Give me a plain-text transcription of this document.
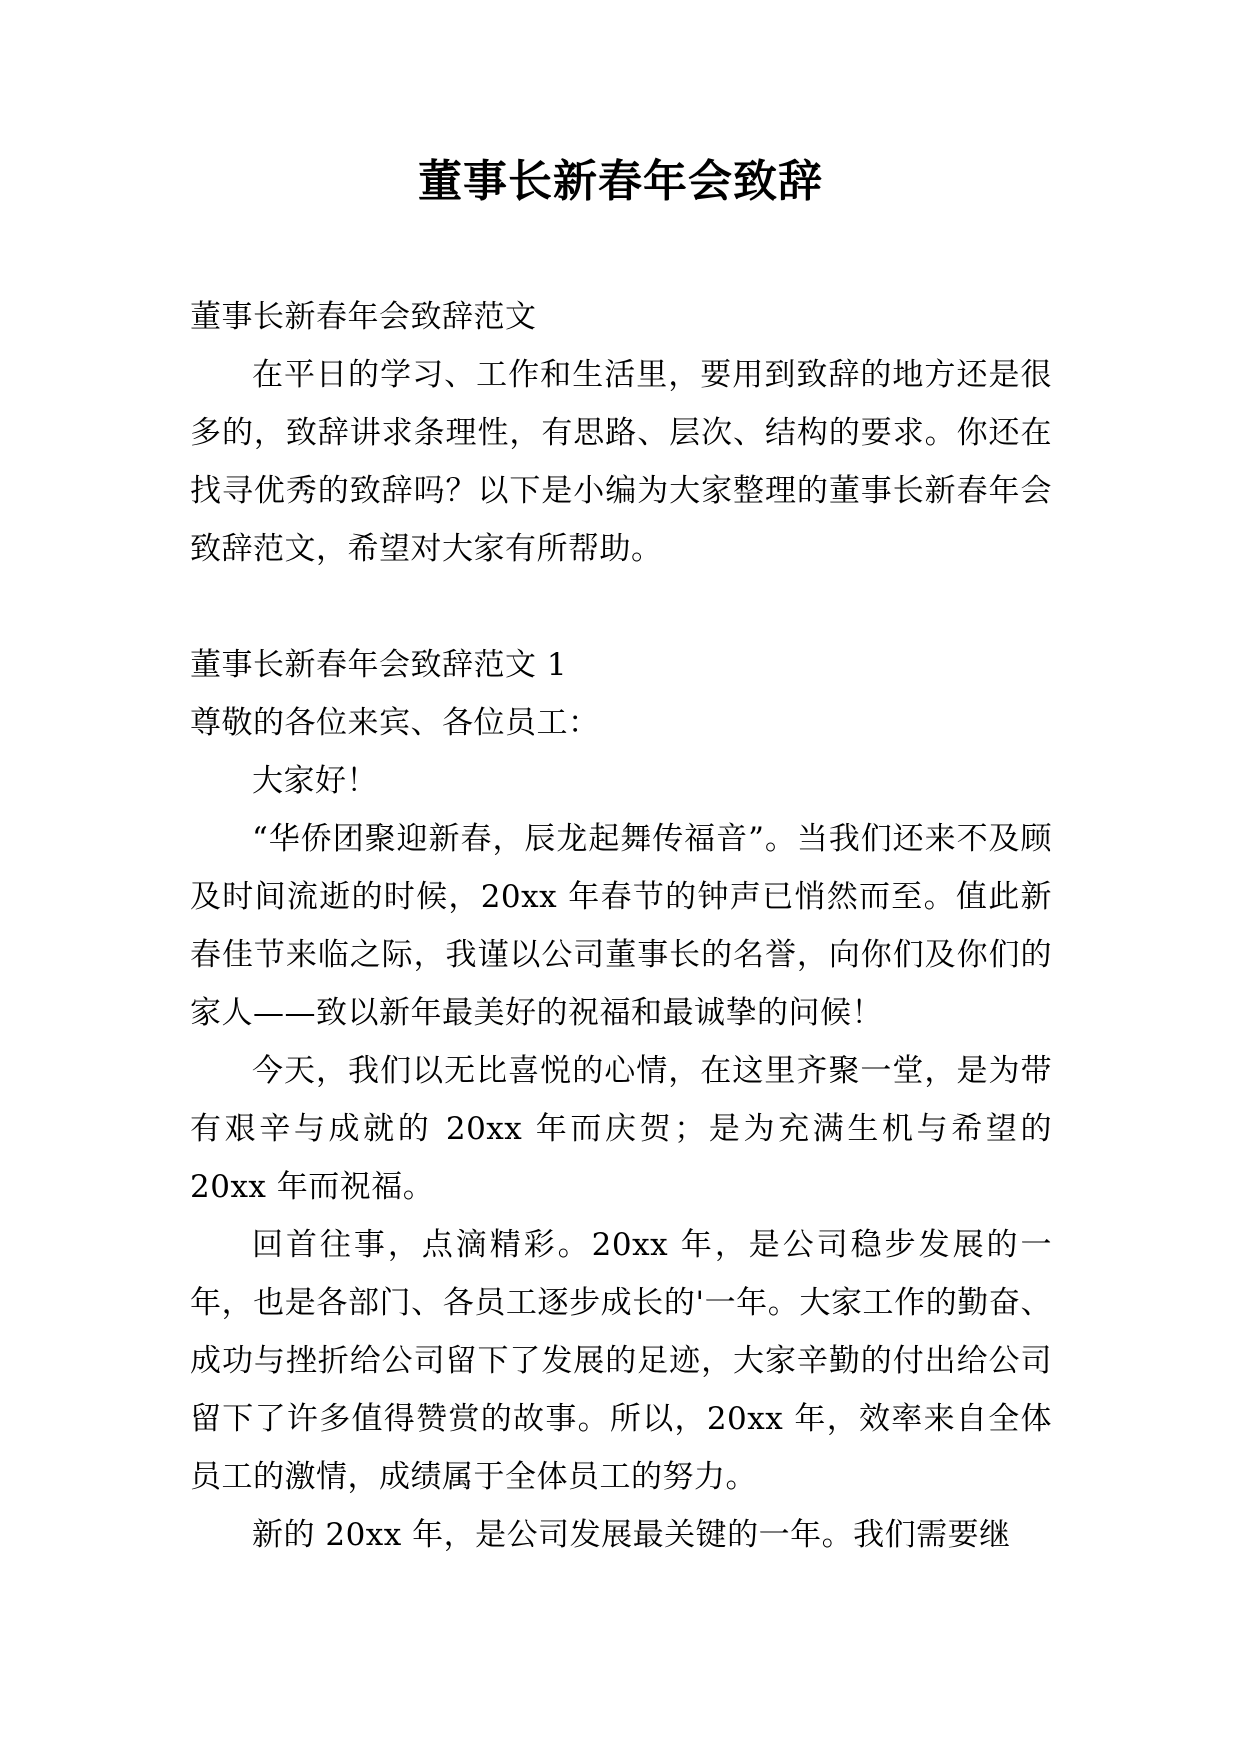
董事长新春年会致辞

董事长新春年会致辞范文

在平日的学习、工作和生活里，要用到致辞的地方还是很多的，致辞讲求条理性，有思路、层次、结构的要求。你还在找寻优秀的致辞吗？以下是小编为大家整理的董事长新春年会致辞范文，希望对大家有所帮助。

董事长新春年会致辞范文 1

尊敬的各位来宾、各位员工：

大家好！

“华侨团聚迎新春，辰龙起舞传福音”。当我们还来不及顾及时间流逝的时候，20xx 年春节的钟声已悄然而至。值此新春佳节来临之际，我谨以公司董事长的名誉，向你们及你们的家人——致以新年最美好的祝福和最诚挚的问候！

今天，我们以无比喜悦的心情，在这里齐聚一堂，是为带有艰辛与成就的 20xx 年而庆贺；是为充满生机与希望的 20xx 年而祝福。

回首往事，点滴精彩。20xx 年，是公司稳步发展的一年，也是各部门、各员工逐步成长的'一年。大家工作的勤奋、成功与挫折给公司留下了发展的足迹，大家辛勤的付出给公司留下了许多值得赞赏的故事。所以，20xx 年，效率来自全体员工的激情，成绩属于全体员工的努力。

新的 20xx 年，是公司发展最关键的一年。我们需要继
